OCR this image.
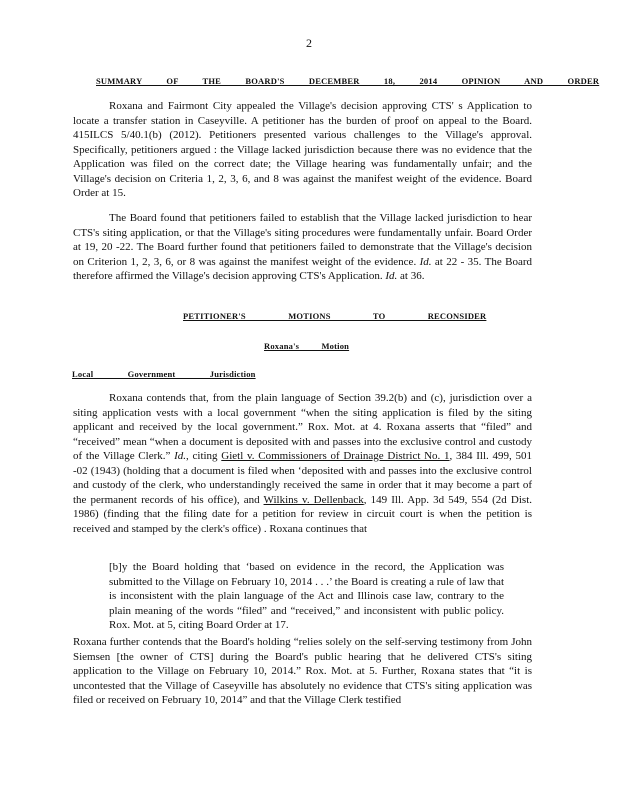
2
SUMMARY OF THE BOARD'S DECEMBER 18, 2014 OPINION AND ORDER

Roxana and Fairmont City appealed the Village's decision approving CTS' s Application to locate a transfer station in Caseyville. A petitioner has the burden of proof on appeal to the Board. 415ILCS 5/40.1(b) (2012). Petitioners presented various challenges to the Village's approval. Specifically, petitioners argued : the Village lacked jurisdiction because there was no evidence that the Application was filed on the correct date; the Village hearing was fundamentally unfair; and the Village's decision on Criteria 1, 2, 3, 6, and 8 was against the manifest weight of the evidence. Board Order at 15.

The Board found that petitioners failed to establish that the Village lacked jurisdiction to hear CTS's siting application, or that the Village's siting procedures were fundamentally unfair. Board Order at 19, 20 -22. The Board further found that petitioners failed to demonstrate that the Village's decision on Criterion 1, 2, 3, 6, or 8 was against the manifest weight of the evidence. Id. at 22 - 35. The Board therefore affirmed the Village's decision approving CTS's Application. Id. at 36.

PETITIONER'S MOTIONS TO RECONSIDER
Roxana's Motion
Local Government Jurisdiction

Roxana contends that, from the plain language of Section 39.2(b) and (c), jurisdiction over a siting application vests with a local government “when the siting application is filed by the siting applicant and received by the local government.” Rox. Mot. at 4. Roxana asserts that “filed” and “received” mean “when a document is deposited with and passes into the exclusive control and custody of the Village Clerk.” Id., citing Gietl v. Commissioners of Drainage District No. 1, 384 Ill. 499, 501 -02 (1943) (holding that a document is filed when ‘deposited with and passes into the exclusive control and custody of the clerk, who understandingly received the same in order that it may become a part of the permanent records of his office), and Wilkins v. Dellenback, 149 Ill. App. 3d 549, 554 (2d Dist. 1986) (finding that the filing date for a petition for review in circuit court is when the petition is received and stamped by the clerk's office) . Roxana continues that

[b]y the Board holding that ‘based on evidence in the record, the Application was submitted to the Village on February 10, 2014 . . .’ the Board is creating a rule of law that is inconsistent with the plain language of the Act and Illinois case law, contrary to the plain meaning of the words “filed” and “received,” and inconsistent with public policy. Rox. Mot. at 5, citing Board Order at 17.

Roxana further contends that the Board's holding “relies solely on the self-serving testimony from John Siemsen [the owner of CTS] during the Board's public hearing that he delivered CTS's siting application to the Village on February 10, 2014.” Rox. Mot. at 5. Further, Roxana states that “it is uncontested that the Village of Caseyville has absolutely no evidence that CTS's siting application was filed or received on February 10, 2014” and that the Village Clerk testified
